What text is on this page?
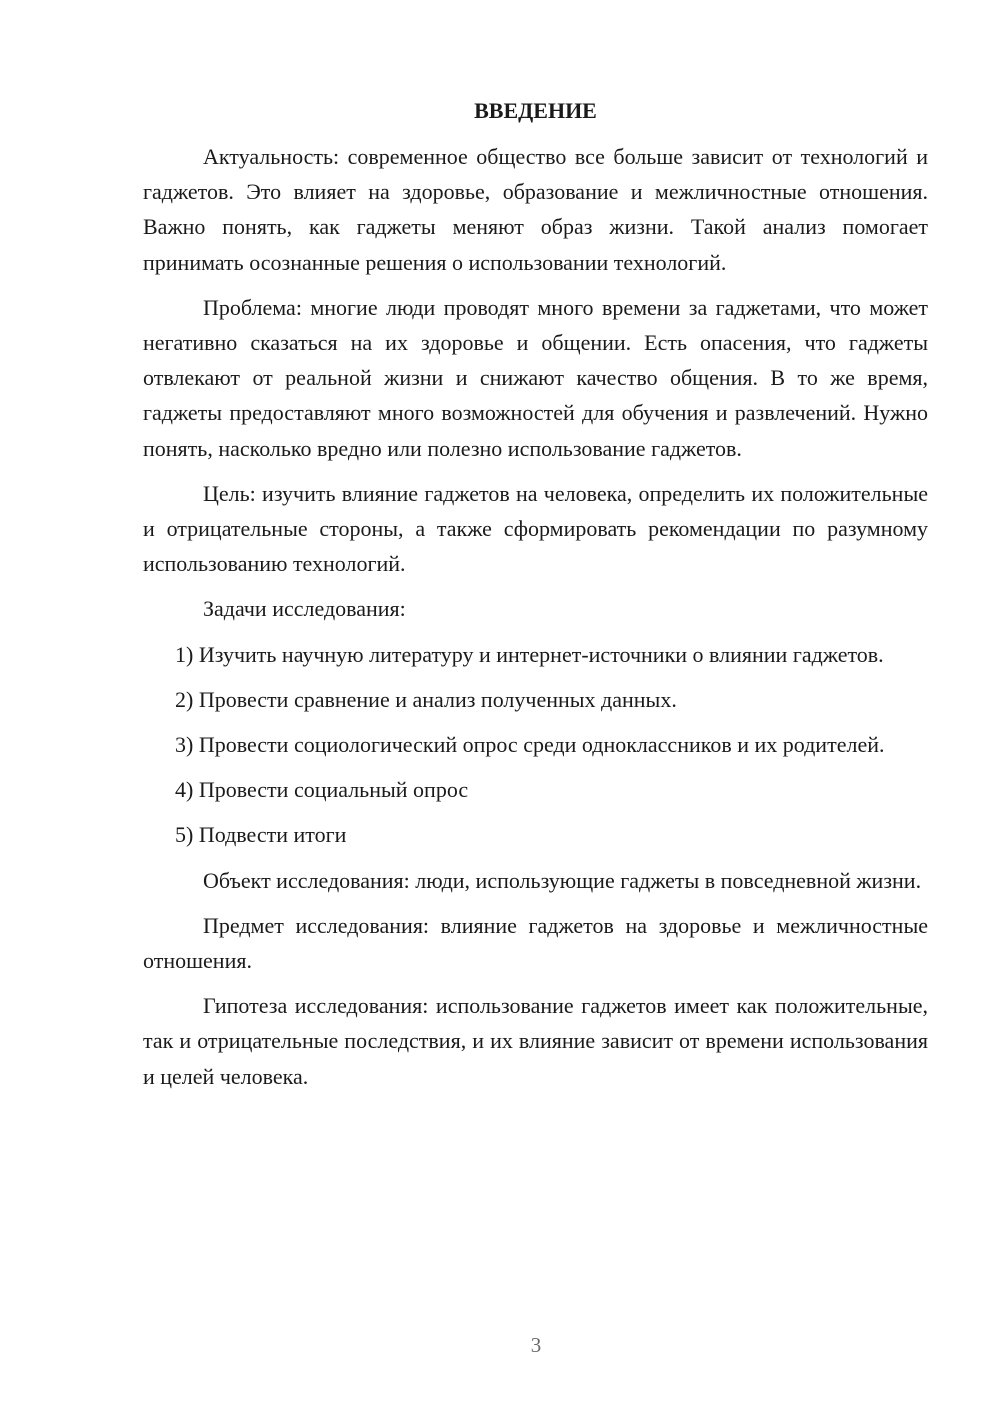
ВВЕДЕНИЕ

Актуальность: современное общество все больше зависит от технологий и гаджетов. Это влияет на здоровье, образование и межличностные отношения. Важно понять, как гаджеты меняют образ жизни. Такой анализ помогает принимать осознанные решения о использовании технологий.

Проблема: многие люди проводят много времени за гаджетами, что может негативно сказаться на их здоровье и общении. Есть опасения, что гаджеты отвлекают от реальной жизни и снижают качество общения. В то же время, гаджеты предоставляют много возможностей для обучения и развлечений. Нужно понять, насколько вредно или полезно использование гаджетов.

Цель: изучить влияние гаджетов на человека, определить их положительные и отрицательные стороны, а также сформировать рекомендации по разумному использованию технологий.

Задачи исследования:

1) Изучить научную литературу и интернет-источники о влиянии гаджетов.

2) Провести сравнение и анализ полученных данных.

3) Провести социологический опрос среди одноклассников и их родителей.

4) Провести социальный опрос

5) Подвести итоги

Объект исследования: люди, использующие гаджеты в повседневной жизни.

Предмет исследования: влияние гаджетов на здоровье и межличностные отношения.

Гипотеза исследования: использование гаджетов имеет как положительные, так и отрицательные последствия, и их влияние зависит от времени использования и целей человека.

3
